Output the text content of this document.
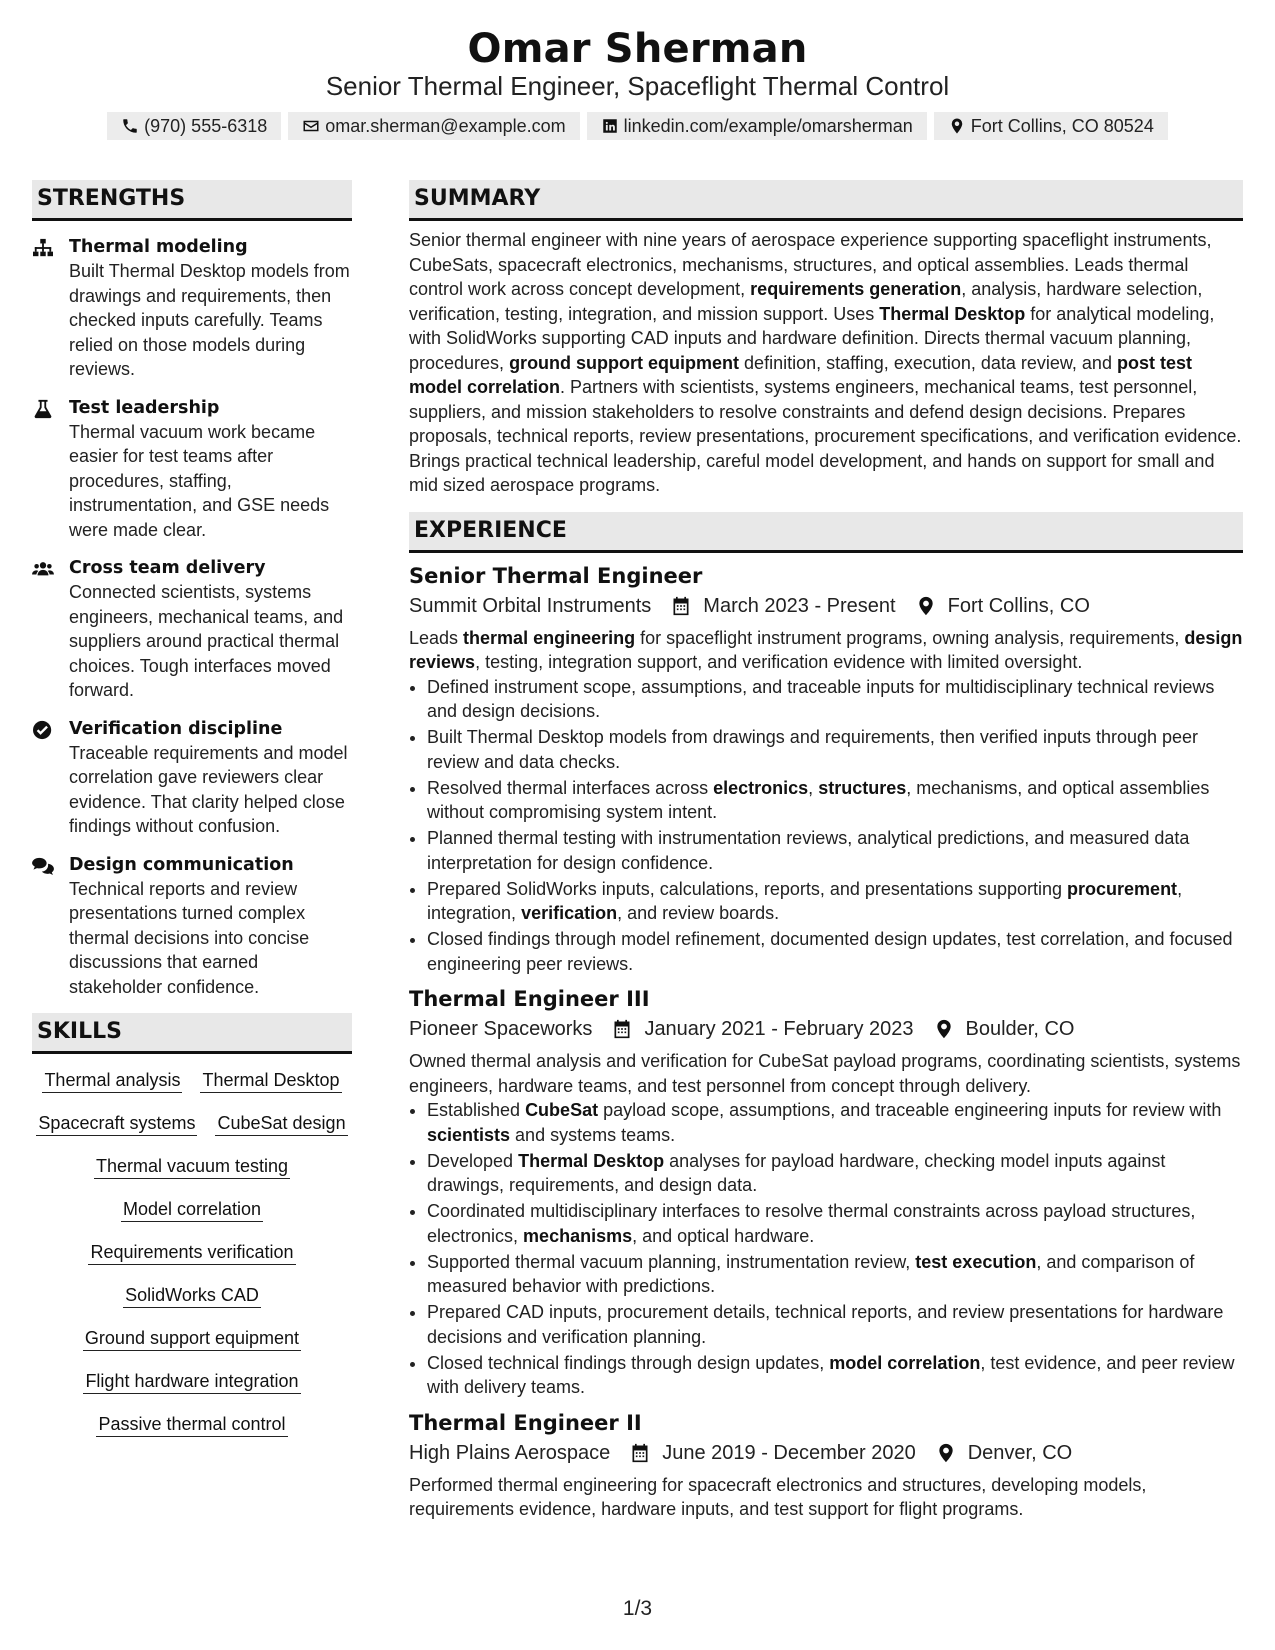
Omar Sherman
Senior Thermal Engineer, Spaceflight Thermal Control
(970) 555-6318	omar.sherman@example.com	linkedin.com/example/omarsherman	Fort Collins, CO 80524
STRENGTHS
Thermal modeling
Built Thermal Desktop models from drawings and requirements, then checked inputs carefully. Teams relied on those models during reviews.
Test leadership
Thermal vacuum work became easier for test teams after procedures, staffing, instrumentation, and GSE needs were made clear.
Cross team delivery
Connected scientists, systems engineers, mechanical teams, and suppliers around practical thermal choices. Tough interfaces moved forward.
Verification discipline
Traceable requirements and model correlation gave reviewers clear evidence. That clarity helped close findings without confusion.
Design communication
Technical reports and review presentations turned complex thermal decisions into concise discussions that earned stakeholder confidence.
SKILLS
Thermal analysis Thermal Desktop
Spacecraft systems CubeSat design
Thermal vacuum testing
Model correlation
Requirements verification
SolidWorks CAD
Ground support equipment
Flight hardware integration
Passive thermal control
SUMMARY
Senior thermal engineer with nine years of aerospace experience supporting spaceflight instruments, CubeSats, spacecraft electronics, mechanisms, structures, and optical assemblies. Leads thermal control work across concept development, requirements generation, analysis, hardware selection, verification, testing, integration, and mission support. Uses Thermal Desktop for analytical modeling, with SolidWorks supporting CAD inputs and hardware definition. Directs thermal vacuum planning, procedures, ground support equipment definition, staffing, execution, data review, and post test model correlation. Partners with scientists, systems engineers, mechanical teams, test personnel, suppliers, and mission stakeholders to resolve constraints and defend design decisions. Prepares proposals, technical reports, review presentations, procurement specifications, and verification evidence. Brings practical technical leadership, careful model development, and hands on support for small and mid sized aerospace programs.
EXPERIENCE
Senior Thermal Engineer
Summit Orbital Instruments	March 2023 - Present	Fort Collins, CO
Leads thermal engineering for spaceflight instrument programs, owning analysis, requirements, design reviews, testing, integration support, and verification evidence with limited oversight.
• Defined instrument scope, assumptions, and traceable inputs for multidisciplinary technical reviews and design decisions.
• Built Thermal Desktop models from drawings and requirements, then verified inputs through peer review and data checks.
• Resolved thermal interfaces across electronics, structures, mechanisms, and optical assemblies without compromising system intent.
• Planned thermal testing with instrumentation reviews, analytical predictions, and measured data interpretation for design confidence.
• Prepared SolidWorks inputs, calculations, reports, and presentations supporting procurement, integration, verification, and review boards.
• Closed findings through model refinement, documented design updates, test correlation, and focused engineering peer reviews.
Thermal Engineer III
Pioneer Spaceworks	January 2021 - February 2023	Boulder, CO
Owned thermal analysis and verification for CubeSat payload programs, coordinating scientists, systems engineers, hardware teams, and test personnel from concept through delivery.
• Established CubeSat payload scope, assumptions, and traceable engineering inputs for review with scientists and systems teams.
• Developed Thermal Desktop analyses for payload hardware, checking model inputs against drawings, requirements, and design data.
• Coordinated multidisciplinary interfaces to resolve thermal constraints across payload structures, electronics, mechanisms, and optical hardware.
• Supported thermal vacuum planning, instrumentation review, test execution, and comparison of measured behavior with predictions.
• Prepared CAD inputs, procurement details, technical reports, and review presentations for hardware decisions and verification planning.
• Closed technical findings through design updates, model correlation, test evidence, and peer review with delivery teams.
Thermal Engineer II
High Plains Aerospace	June 2019 - December 2020	Denver, CO
Performed thermal engineering for spacecraft electronics and structures, developing models, requirements evidence, hardware inputs, and test support for flight programs.
1/3
